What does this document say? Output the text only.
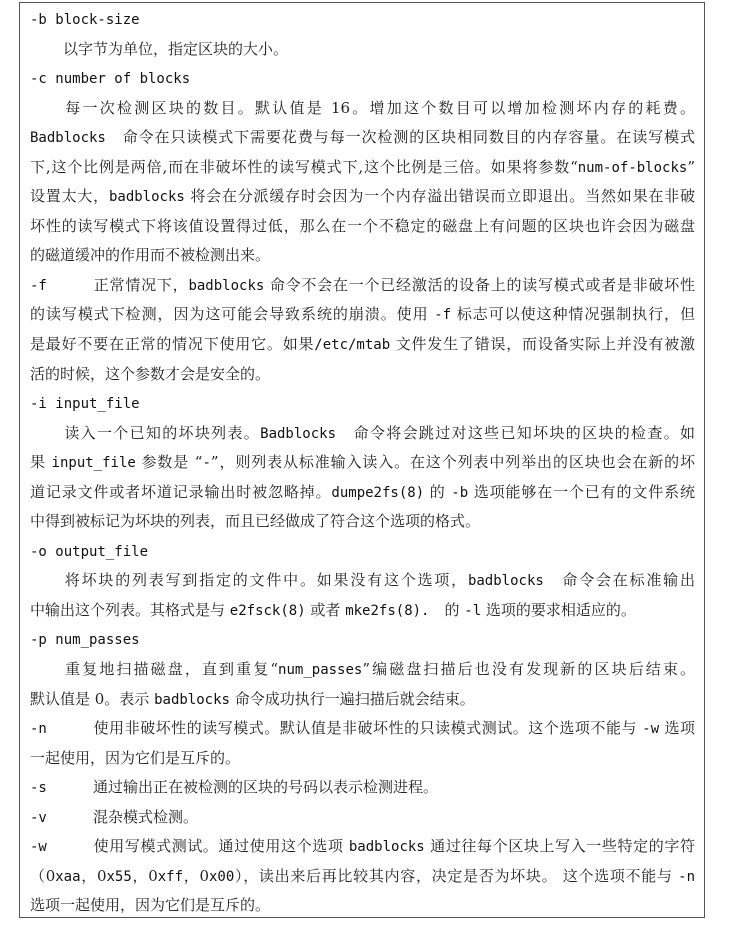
-b block-size
以字节为单位，指定区块的大小。
-c number of blocks
每一次检测区块的数目。默认值是 16。增加这个数目可以增加检测坏内存的耗费。
Badblocks　命令在只读模式下需要花费与每一次检测的区块相同数目的内存容量。在读写模式
下,这个比例是两倍,而在非破坏性的读写模式下,这个比例是三倍。如果将参数“num-of-blocks”
设置太大，badblocks 将会在分派缓存时会因为一个内存溢出错误而立即退出。当然如果在非破
坏性的读写模式下将该值设置得过低，那么在一个不稳定的磁盘上有问题的区块也许会因为磁盘
的磁道缓冲的作用而不被检测出来。
-f	正常情况下，badblocks 命令不会在一个已经激活的设备上的读写模式或者是非破坏性
的读写模式下检测，因为这可能会导致系统的崩溃。使用 -f 标志可以使这种情况强制执行，但
是最好不要在正常的情况下使用它。如果/etc/mtab 文件发生了错误，而设备实际上并没有被激
活的时候，这个参数才会是安全的。
-i input_file
读入一个已知的坏块列表。Badblocks　命令将会跳过对这些已知坏块的区块的检查。如
果 input_file 参数是 “-”，则列表从标准输入读入。在这个列表中列举出的区块也会在新的坏
道记录文件或者坏道记录输出时被忽略掉。dumpe2fs(8) 的 -b 选项能够在一个已有的文件系统
中得到被标记为坏块的列表，而且已经做成了符合这个选项的格式。
-o output_file
将坏块的列表写到指定的文件中。如果没有这个选项，badblocks　命令会在标准输出
中输出这个列表。其格式是与 e2fsck(8) 或者 mke2fs(8).　的 -l 选项的要求相适应的。
-p num_passes
重复地扫描磁盘，直到重复“num_passes”编磁盘扫描后也没有发现新的区块后结束。
默认值是 0。表示 badblocks 命令成功执行一遍扫描后就会结束。
-n	使用非破坏性的读写模式。默认值是非破坏性的只读模式测试。这个选项不能与 -w 选项
一起使用，因为它们是互斥的。
-s	通过输出正在被检测的区块的号码以表示检测进程。
-v	混杂模式检测。
-w	使用写模式测试。通过使用这个选项 badblocks 通过往每个区块上写入一些特定的字符
（0xaa，0x55，0xff，0x00），读出来后再比较其内容，决定是否为坏块。 这个选项不能与 -n
选项一起使用，因为它们是互斥的。
